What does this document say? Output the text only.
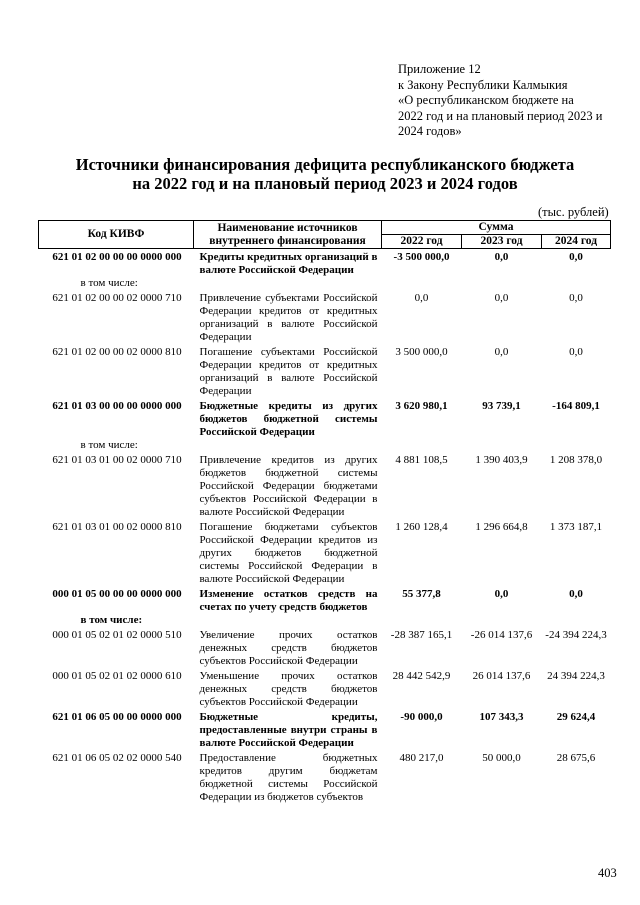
Приложение 12
к Закону Республики Калмыкия
«О республиканском бюджете на
2022 год и на плановый период 2023 и
2024 годов»
Источники финансирования дефицита республиканского бюджета
на 2022 год и на плановый период 2023 и 2024 годов
(тыс. рублей)
Код КИВФ	Наименование источников внутреннего финансирования	Сумма		
		2022 год	2023 год	2024 год
621 01 02 00 00 00 0000 000	Кредиты кредитных организаций в валюте Российской Федерации	-3 500 000,0	0,0	0,0
в том числе:				
621 01 02 00 00 02 0000 710	Привлечение субъектами Российской Федерации кредитов от кредитных организаций в валюте Российской Федерации	0,0	0,0	0,0
621 01 02 00 00 02 0000 810	Погашение субъектами Российской Федерации кредитов от кредитных организаций в валюте Российской Федерации	3 500 000,0	0,0	0,0
621 01 03 00 00 00 0000 000	Бюджетные кредиты из других бюджетов бюджетной системы Российской Федерации	3 620 980,1	93 739,1	-164 809,1
в том числе:				
621 01 03 01 00 02 0000 710	Привлечение кредитов из других бюджетов бюджетной системы Российской Федерации бюджетами субъектов Российской Федерации в валюте Российской Федерации	4 881 108,5	1 390 403,9	1 208 378,0
621 01 03 01 00 02 0000 810	Погашение бюджетами субъектов Российской Федерации кредитов из других бюджетов бюджетной системы Российской Федерации в валюте Российской Федерации	1 260 128,4	1 296 664,8	1 373 187,1
000 01 05 00 00 00 0000 000	Изменение остатков средств на счетах по учету средств бюджетов	55 377,8	0,0	0,0
в том числе:				
000 01 05 02 01 02 0000 510	Увеличение прочих остатков денежных средств бюджетов субъектов Российской Федерации	-28 387 165,1	-26 014 137,6	-24 394 224,3
000 01 05 02 01 02 0000 610	Уменьшение прочих остатков денежных средств бюджетов субъектов Российской Федерации	28 442 542,9	26 014 137,6	24 394 224,3
621 01 06 05 00 00 0000 000	Бюджетные кредиты, предоставленные внутри страны в валюте Российской Федерации	-90 000,0	107 343,3	29 624,4
621 01 06 05 02 02 0000 540	Предоставление бюджетных кредитов другим бюджетам бюджетной системы Российской Федерации из бюджетов субъектов	480 217,0	50 000,0	28 675,6
403
